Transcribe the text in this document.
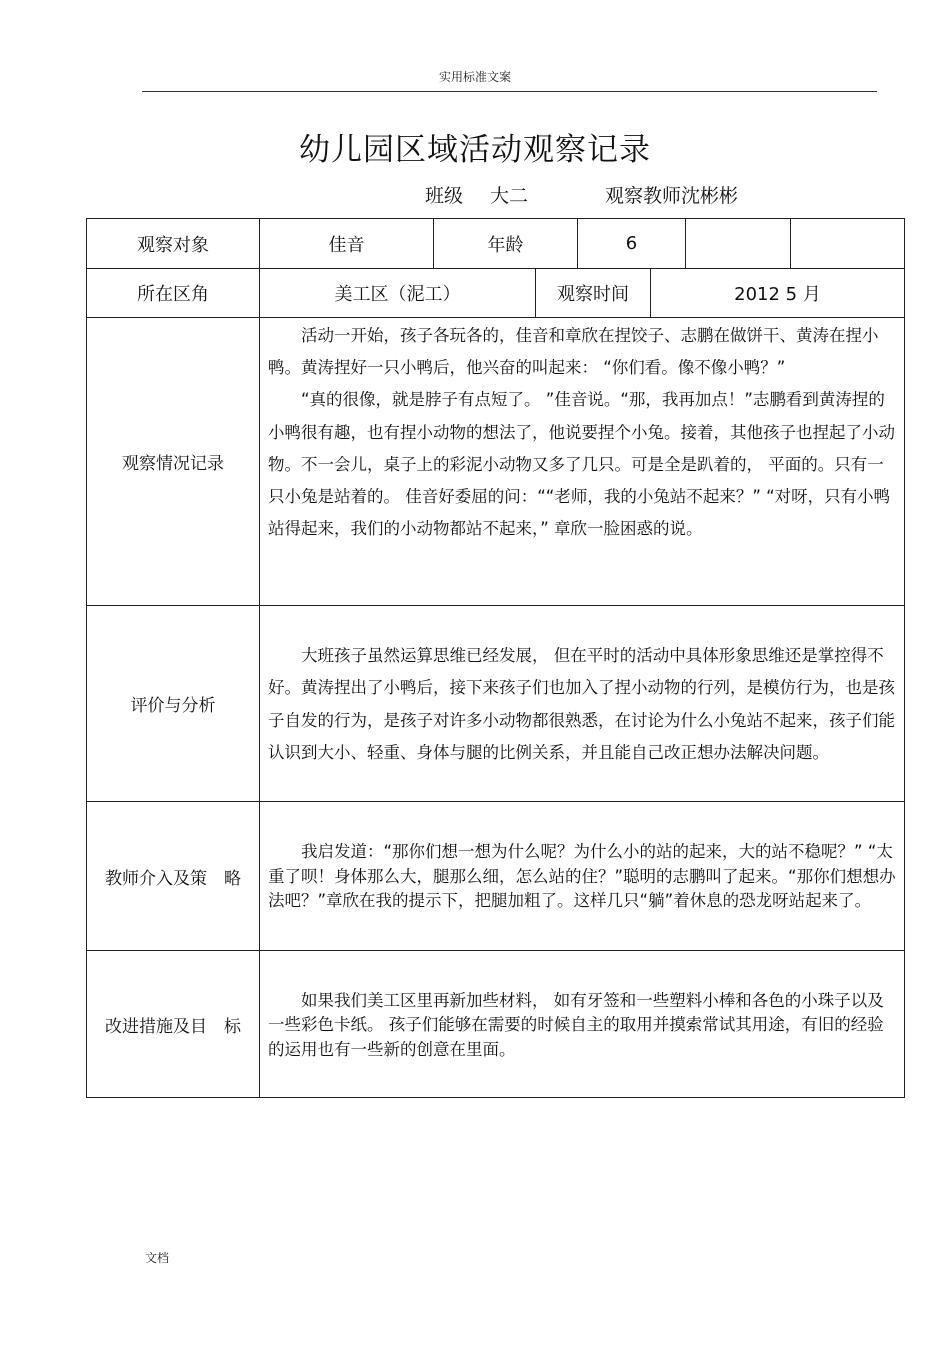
实用标准文案
幼儿园区域活动观察记录
班级 大二	观察教师沈彬彬
观察对象	佳音	年龄		6			
所在区角	美工区（泥工）		观察时间		2012 5 月		
观察情况记录	活动一开始，孩子各玩各的，佳音和章欣在捏饺子、志鹏在做饼干、黄涛在捏小鸭。黄涛捏好一只小鸭后，他兴奋的叫起来： “你们看。像不像小鸭？”

“真的很像，就是脖子有点短了。 ”佳音说。“那，我再加点！”志鹏看到黄涛捏的小鸭很有趣，也有捏小动物的想法了，他说要捏个小兔。接着，其他孩子也捏起了小动物。不一会儿，桌子上的彩泥小动物又多了几只。可是全是趴着的， 平面的。只有一只小兔是站着的。 佳音好委屈的问：““老师，我的小兔站不起来？” “对呀，只有小鸭站得起来，我们的小动物都站不起来，” 章欣一脸困惑的说。						

评价与分析	大班孩子虽然运算思维已经发展， 但在平时的活动中具体形象思维还是掌控得不好。黄涛捏出了小鸭后，接下来孩子们也加入了捏小动物的行列，是模仿行为，也是孩子自发的行为，是孩子对许多小动物都很熟悉，在讨论为什么小兔站不起来，孩子们能认识到大小、轻重、身体与腿的比例关系，并且能自己改正想办法解决问题。						

教师介入及策　略	我启发道：“那你们想一想为什么呢？为什么小的站的起来，大的站不稳呢？” “太重了呗！身体那么大，腿那么细，怎么站的住？”聪明的志鹏叫了起来。“那你们想想办法吧？”章欣在我的提示下，把腿加粗了。这样几只“躺”着休息的恐龙呀站起来了。						

改进措施及目　标	如果我们美工区里再新加些材料， 如有牙签和一些塑料小棒和各色的小珠子以及一些彩色卡纸。 孩子们能够在需要的时候自主的取用并摸索常试其用途，有旧的经验的运用也有一些新的创意在里面。						

文档
